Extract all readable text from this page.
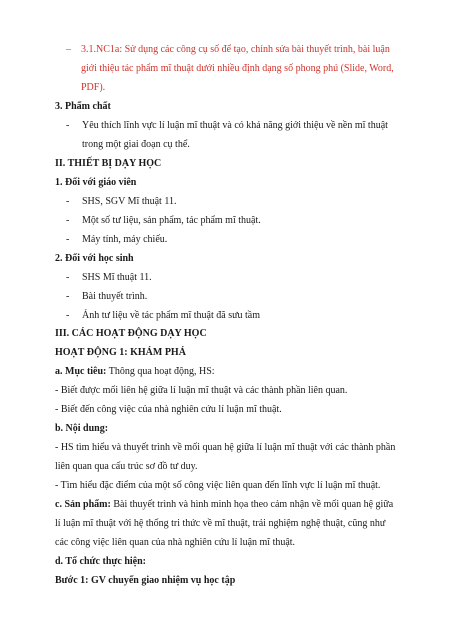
– 3.1.NC1a: Sử dụng các công cụ số để tạo, chỉnh sửa bài thuyết trình, bài luận
giới thiệu tác phẩm mĩ thuật dưới nhiều định dạng số phong phú (Slide, Word,
PDF).
3. Phẩm chất
- Yêu thích lĩnh vực lí luận mĩ thuật và có khả năng giới thiệu về nền mĩ thuật
trong một giai đoạn cụ thể.
II. THIẾT BỊ DẠY HỌC
1. Đối với giáo viên
- SHS, SGV Mĩ thuật 11.
- Một số tư liệu, sản phẩm, tác phẩm mĩ thuật.
- Máy tính, máy chiếu.
2. Đối với học sinh
- SHS Mĩ thuật 11.
- Bài thuyết trình.
- Ảnh tư liệu về tác phẩm mĩ thuật đã sưu tầm
III. CÁC HOẠT ĐỘNG DẠY HỌC
HOẠT ĐỘNG 1: KHÁM PHÁ
a. Mục tiêu: Thông qua hoạt động, HS:
- Biết được mối liên hệ giữa lí luận mĩ thuật và các thành phần liên quan.
- Biết đến công việc của nhà nghiên cứu lí luận mĩ thuật.
b. Nội dung:
- HS tìm hiểu và thuyết trình về mối quan hệ giữa lí luận mĩ thuật với các thành phần
liên quan qua cấu trúc sơ đồ tư duy.
- Tìm hiểu đặc điểm của một số công việc liên quan đến lĩnh vực lí luận mĩ thuật.
c. Sản phẩm: Bài thuyết trình và hình minh họa theo cảm nhận về mối quan hệ giữa
lí luận mĩ thuật với hệ thống tri thức về mĩ thuật, trải nghiệm nghệ thuật, cũng như
các công việc liên quan của nhà nghiên cứu lí luận mĩ thuật.
d. Tổ chức thực hiện:
Bước 1: GV chuyển giao nhiệm vụ học tập
